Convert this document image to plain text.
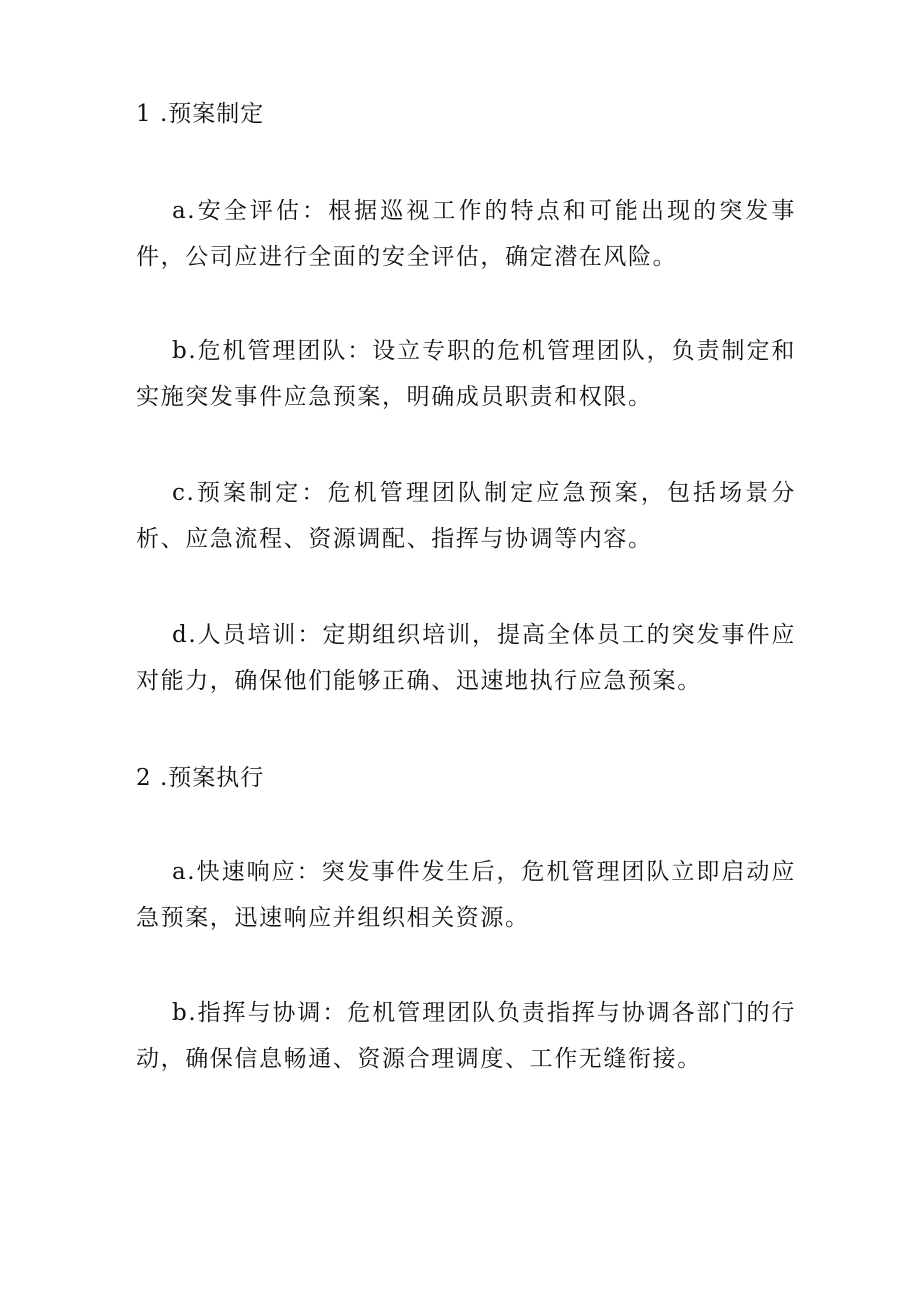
1 .预案制定
a.安全评估：根据巡视工作的特点和可能出现的突发事件，公司应进行全面的安全评估，确定潜在风险。
b.危机管理团队：设立专职的危机管理团队，负责制定和实施突发事件应急预案，明确成员职责和权限。
c.预案制定：危机管理团队制定应急预案，包括场景分析、应急流程、资源调配、指挥与协调等内容。
d.人员培训：定期组织培训，提高全体员工的突发事件应对能力，确保他们能够正确、迅速地执行应急预案。
2 .预案执行
a.快速响应：突发事件发生后，危机管理团队立即启动应急预案，迅速响应并组织相关资源。
b.指挥与协调：危机管理团队负责指挥与协调各部门的行动，确保信息畅通、资源合理调度、工作无缝衔接。
